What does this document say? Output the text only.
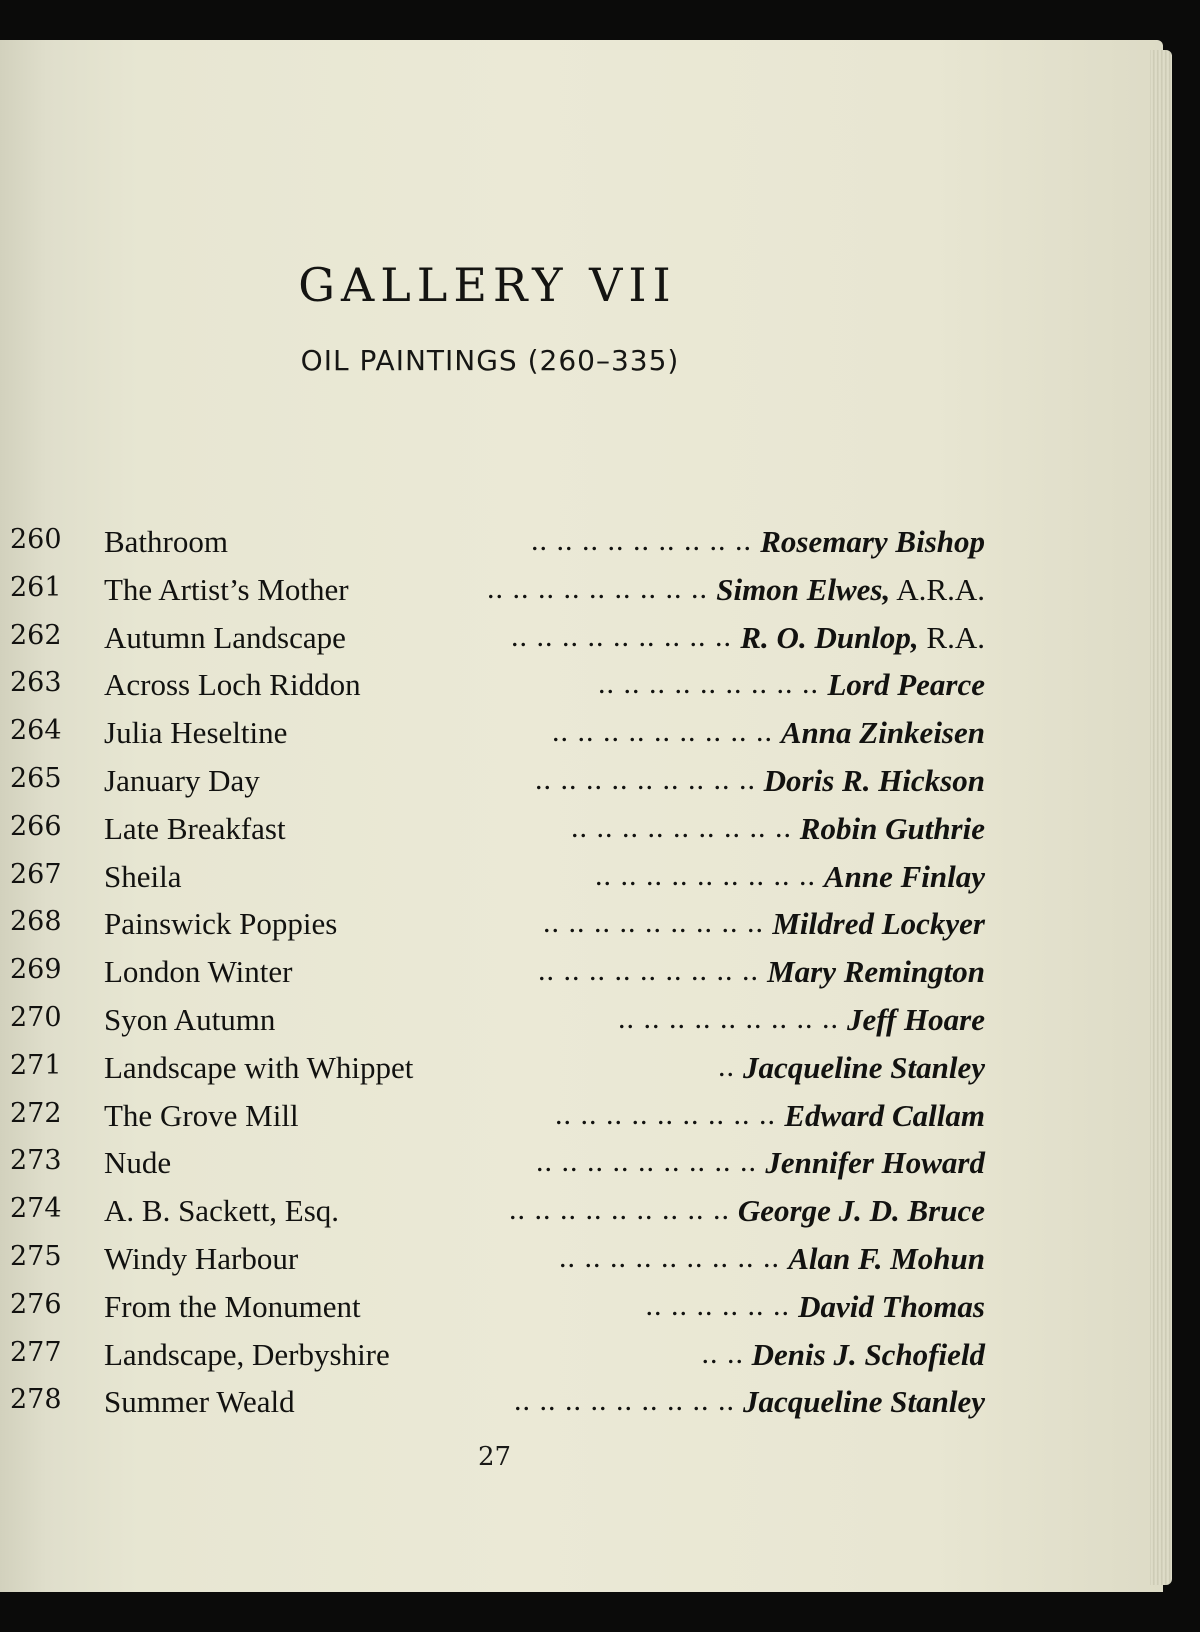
GALLERY VII
OIL PAINTINGS (260–335)
260 Bathroom	.. .. .. .. .. .. .. .. .. Rosemary Bishop
261 The Artist’s Mother	.. .. .. .. .. .. .. .. .. Simon Elwes, A.R.A.
262 Autumn Landscape	.. .. .. .. .. .. .. .. .. R. O. Dunlop, R.A.
263 Across Loch Riddon	.. .. .. .. .. .. .. .. .. Lord Pearce
264 Julia Heseltine	.. .. .. .. .. .. .. .. .. Anna Zinkeisen
265 January Day	.. .. .. .. .. .. .. .. .. Doris R. Hickson
266 Late Breakfast	.. .. .. .. .. .. .. .. .. Robin Guthrie
267 Sheila	.. .. .. .. .. .. .. .. .. Anne Finlay
268 Painswick Poppies	.. .. .. .. .. .. .. .. .. Mildred Lockyer
269 London Winter	.. .. .. .. .. .. .. .. .. Mary Remington
270 Syon Autumn	.. .. .. .. .. .. .. .. .. Jeff Hoare
271 Landscape with Whippet	.. Jacqueline Stanley
272 The Grove Mill	.. .. .. .. .. .. .. .. .. Edward Callam
273 Nude	.. .. .. .. .. .. .. .. .. Jennifer Howard
274 A. B. Sackett, Esq.	.. .. .. .. .. .. .. .. .. George J. D. Bruce
275 Windy Harbour	.. .. .. .. .. .. .. .. .. Alan F. Mohun
276 From the Monument	.. .. .. .. .. .. David Thomas
277 Landscape, Derbyshire	.. .. Denis J. Schofield
278 Summer Weald	.. .. .. .. .. .. .. .. .. Jacqueline Stanley
27
